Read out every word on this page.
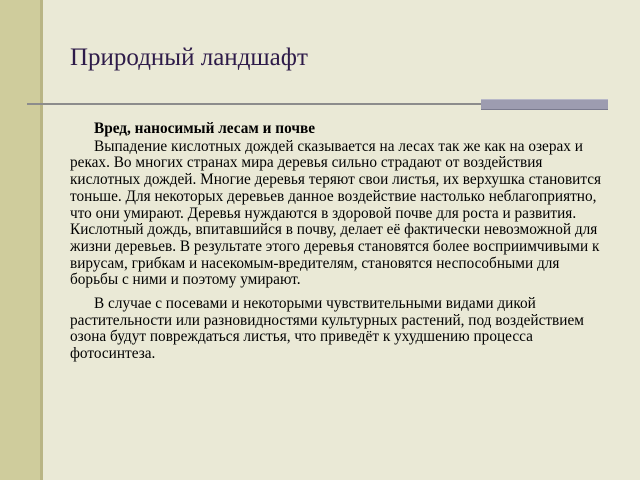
Природный ландшафт

Вред, наносимый лесам и почве

Выпадение кислотных дождей сказывается на лесах так же как на озерах и реках. Во многих странах мира деревья сильно страдают от воздействия кислотных дождей. Многие деревья теряют свои листья, их верхушка становится тоньше. Для некоторых деревьев данное воздействие настолько неблагоприятно, что они умирают. Деревья нуждаются в здоровой почве для роста и развития. Кислотный дождь, впитавшийся в почву, делает её фактически невозможной для жизни деревьев. В результате этого деревья становятся более восприимчивыми к вирусам, грибкам и насекомым-вредителям, становятся неспособными для борьбы с ними и поэтому умирают.

В случае с посевами и некоторыми чувствительными видами дикой растительности или разновидностями культурных растений, под воздействием озона будут повреждаться листья, что приведёт к ухудшению процесса фотосинтеза.
